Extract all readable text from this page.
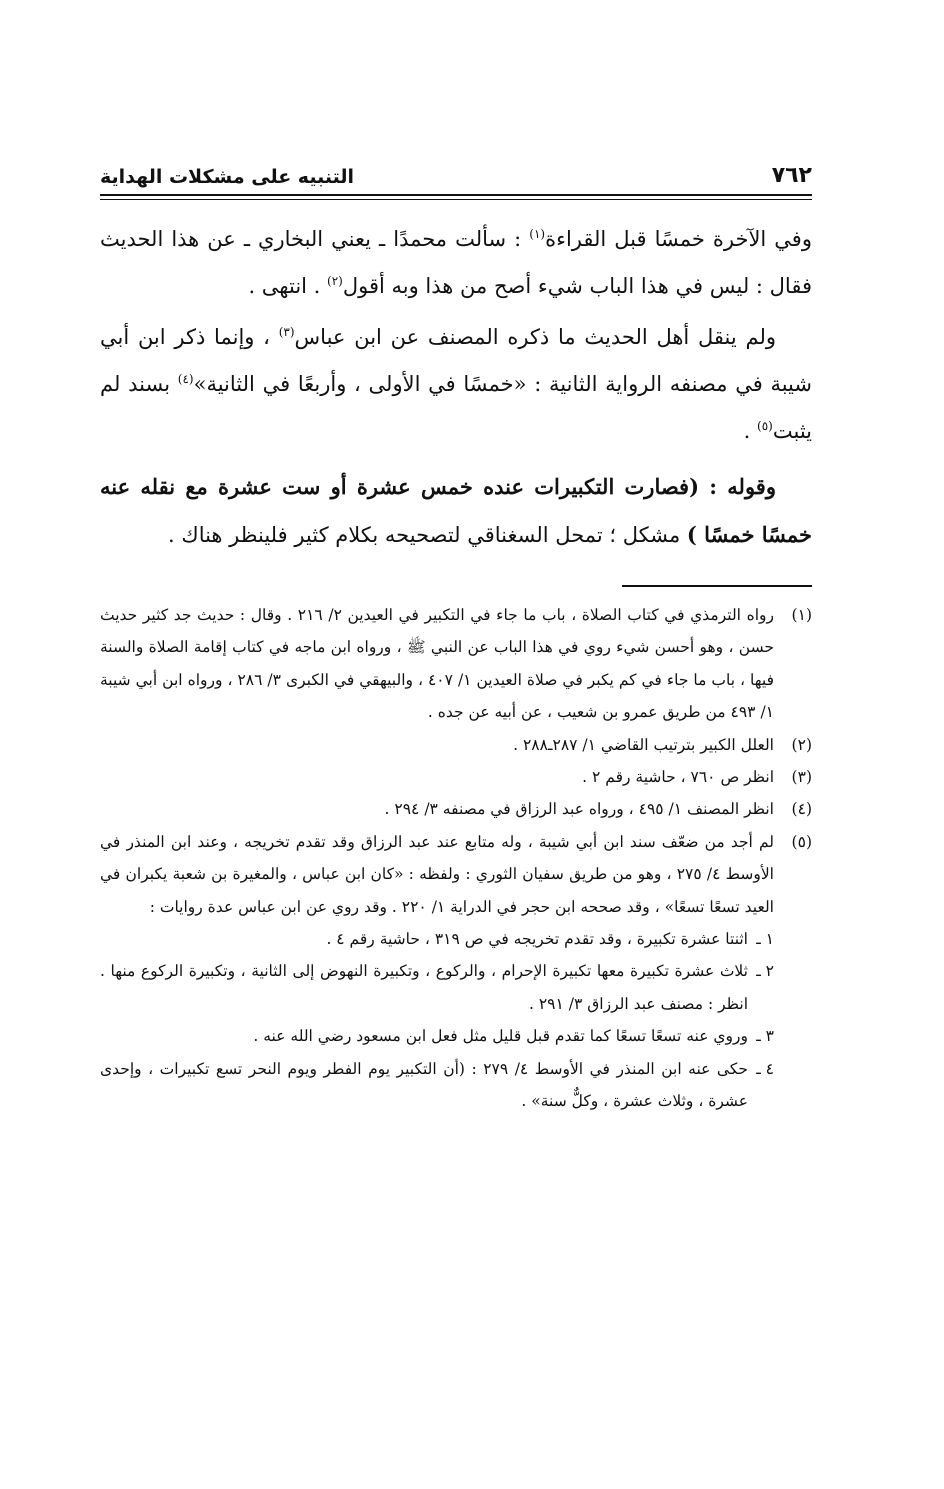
٧٦٢
التنبيه على مشكلات الهداية

وفي الآخرة خمسًا قبل القراءة$^{(١)}$ : سألت محمدًا ـ يعني البخاري ـ عن هذا الحديث فقال : ليس في هذا الباب شيء أصح من هذا وبه أقول$^{(٢)}$ . انتهى .

ولم ينقل أهل الحديث ما ذكره المصنف عن ابن عباس$^{(٣)}$ ، وإنما ذكر ابن أبي شيبة في مصنفه الرواية الثانية : «خمسًا في الأولى ، وأربعًا في الثانية»$^{(٤)}$ بسند لم يثبت$^{(٥)}$ .

وقوله : (فصارت التكبيرات عنده خمس عشرة أو ست عشرة مع نقله عنه خمسًا خمسًا ) مشكل ؛ تمحل السغناقي لتصحيحه بكلام كثير فلينظر هناك .

(١)
رواه الترمذي في كتاب الصلاة ، باب ما جاء في التكبير في العيدين ٢/ ٢١٦ . وقال : حديث جد كثير حديث حسن ، وهو أحسن شيء روي في هذا الباب عن النبي ﷺ ، ورواه ابن ماجه في كتاب إقامة الصلاة والسنة فيها ، باب ما جاء في كم يكبر في صلاة العيدين ١/ ٤٠٧ ، والبيهقي في الكبرى ٣/ ٢٨٦ ، ورواه ابن أبي شيبة ١/ ٤٩٣ من طريق عمرو بن شعيب ، عن أبيه عن جده .
(٢)
العلل الكبير بترتيب القاضي ١/ ٢٨٧ـ٢٨٨ .
(٣)
انظر ص ٧٦٠ ، حاشية رقم ٢ .
(٤)
انظر المصنف ١/ ٤٩٥ ، ورواه عبد الرزاق في مصنفه ٣/ ٢٩٤ .
(٥)
لم أجد من ضعّف سند ابن أبي شيبة ، وله متابع عند عبد الرزاق وقد تقدم تخريجه ، وعند ابن المنذر في الأوسط ٤/ ٢٧٥ ، وهو من طريق سفيان الثوري : ولفظه : «كان ابن عباس ، والمغيرة بن شعبة يكبران في العيد تسعًا تسعًا» ، وقد صححه ابن حجر في الدراية ١/ ٢٢٠ . وقد روي عن ابن عباس عدة روايات :
١ ـ
اثنتا عشرة تكبيرة ، وقد تقدم تخريجه في ص ٣١٩ ، حاشية رقم ٤ .
٢ ـ
ثلاث عشرة تكبيرة معها تكبيرة الإحرام ، والركوع ، وتكبيرة النهوض إلى الثانية ، وتكبيرة الركوع منها . انظر : مصنف عبد الرزاق ٣/ ٢٩١ .
٣ ـ
وروي عنه تسعًا تسعًا كما تقدم قبل قليل مثل فعل ابن مسعود رضي الله عنه .
٤ ـ
حكى عنه ابن المنذر في الأوسط ٤/ ٢٧٩ : (أن التكبير يوم الفطر ويوم النحر تسع تكبيرات ، وإحدى عشرة ، وثلاث عشرة ، وكلٌّ سنة» .
